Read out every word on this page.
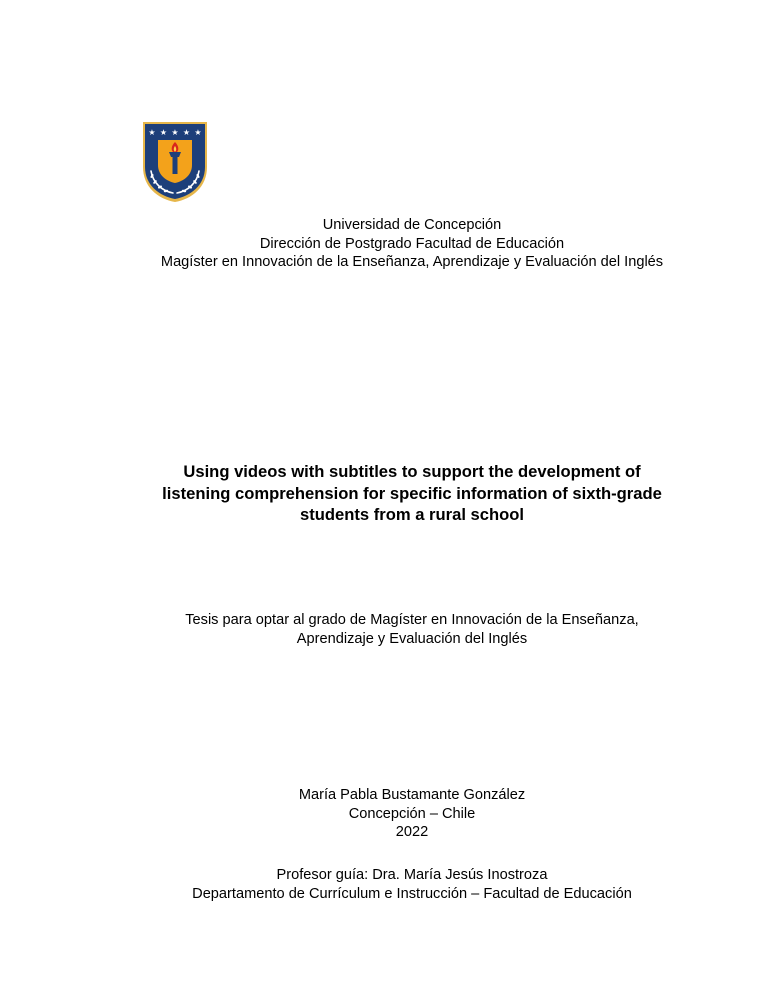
★ ★ ★ ★ ★
Universidad de Concepción
Dirección de Postgrado Facultad de Educación
Magíster en Innovación de la Enseñanza, Aprendizaje y Evaluación del Inglés
Using videos with subtitles to support the development of
listening comprehension for specific information of sixth-grade
students from a rural school
Tesis para optar al grado de Magíster en Innovación de la Enseñanza,
Aprendizaje y Evaluación del Inglés
María Pabla Bustamante González
Concepción – Chile
2022
Profesor guía: Dra. María Jesús Inostroza
Departamento de Currículum e Instrucción – Facultad de Educación
